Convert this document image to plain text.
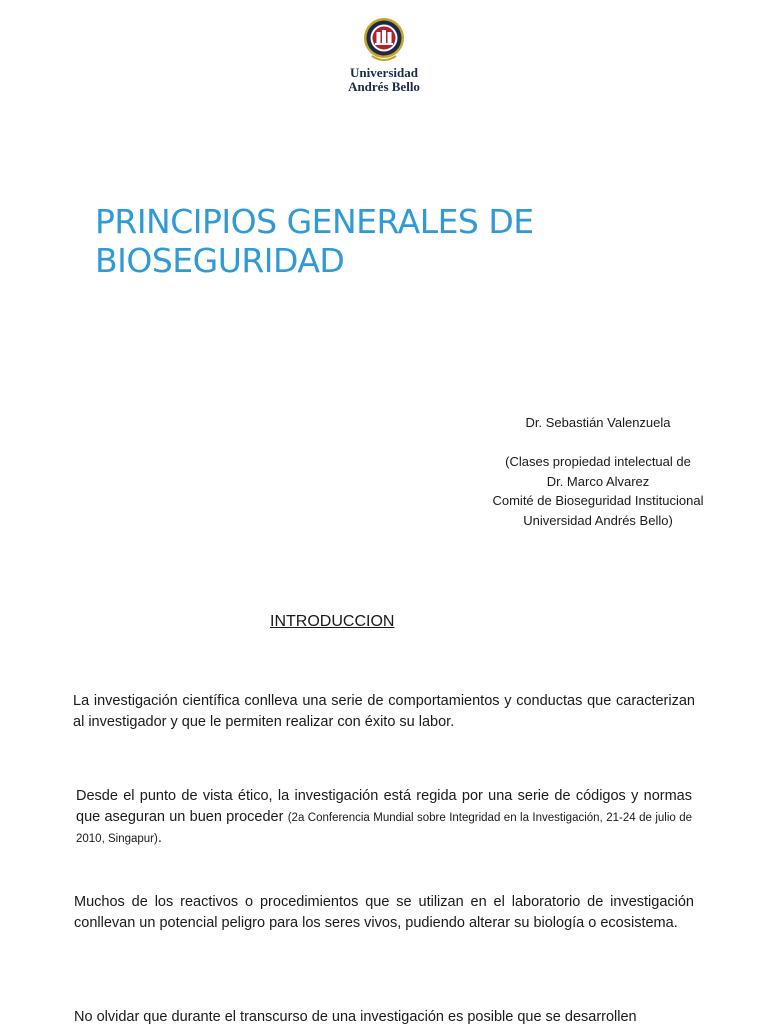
Universidad
Andrés Bello
PRINCIPIOS GENERALES DE
BIOSEGURIDAD
Dr. Sebastián Valenzuela
(Clases propiedad intelectual de
Dr. Marco Alvarez
Comité de Bioseguridad Institucional
Universidad Andrés Bello)
INTRODUCCION

La investigación científica conlleva una serie de comportamientos y conductas que caracterizan al investigador y que le permiten realizar con éxito su labor.

Desde el punto de vista ético, la investigación está regida por una serie de códigos y normas que aseguran un buen proceder (2a Conferencia Mundial sobre Integridad en la Investigación, 21-24 de julio de 2010, Singapur).

Muchos de los reactivos o procedimientos que se utilizan en el laboratorio de investigación conllevan un potencial peligro para los seres vivos, pudiendo alterar su biología o ecosistema.

No olvidar que durante el transcurso de una investigación es posible que se desarrollen
